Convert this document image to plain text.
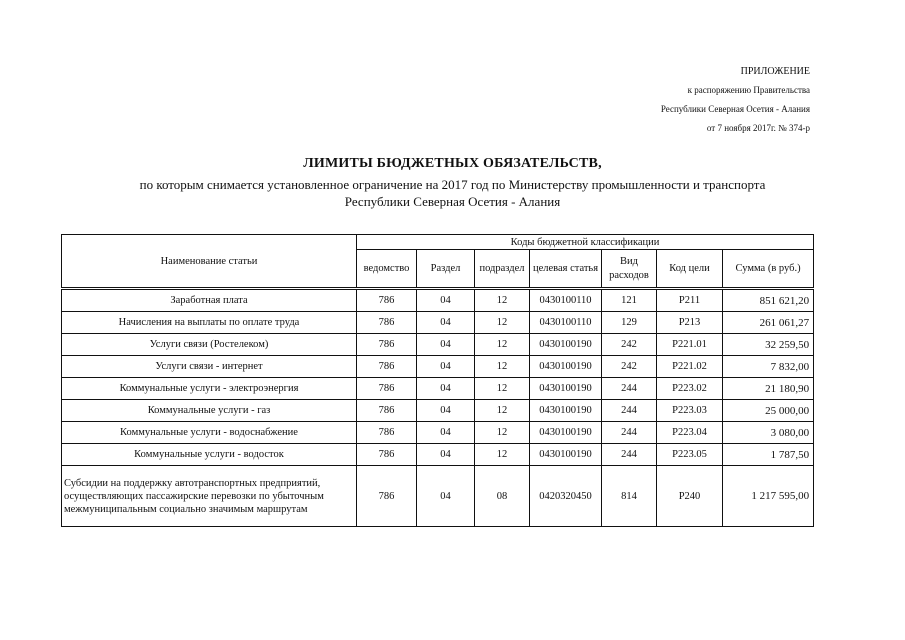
ПРИЛОЖЕНИЕ
к распоряжению Правительства
Республики Северная Осетия - Алания
от 7 ноября 2017г. № 374-р
ЛИМИТЫ БЮДЖЕТНЫХ ОБЯЗАТЕЛЬСТВ,
по которым снимается установленное ограничение на 2017 год по Министерству промышленности и транспорта
Республики Северная Осетия - Алания
Наименование статьи	Коды бюджетной классификации						
	ведомство	Раздел	подраздел	целевая статья	Вид расходов	Код цели	Сумма (в руб.)
Заработная плата	786	04	12	0430100110	121	Р211	851 621,20
Начисления на выплаты по оплате труда	786	04	12	0430100110	129	Р213	261 061,27
Услуги связи (Ростелеком)	786	04	12	0430100190	242	Р221.01	32 259,50
Услуги связи - интернет	786	04	12	0430100190	242	Р221.02	7 832,00
Коммунальные услуги - электроэнергия	786	04	12	0430100190	244	Р223.02	21 180,90
Коммунальные услуги - газ	786	04	12	0430100190	244	Р223.03	25 000,00
Коммунальные услуги - водоснабжение	786	04	12	0430100190	244	Р223.04	3 080,00
Коммунальные услуги - водосток	786	04	12	0430100190	244	Р223.05	1 787,50
Субсидии на поддержку автотранспортных предприятий, осуществляющих пассажирские перевозки по убыточным межмуниципальным социально значимым маршрутам	786	04	08	0420320450	814	Р240	1 217 595,00
